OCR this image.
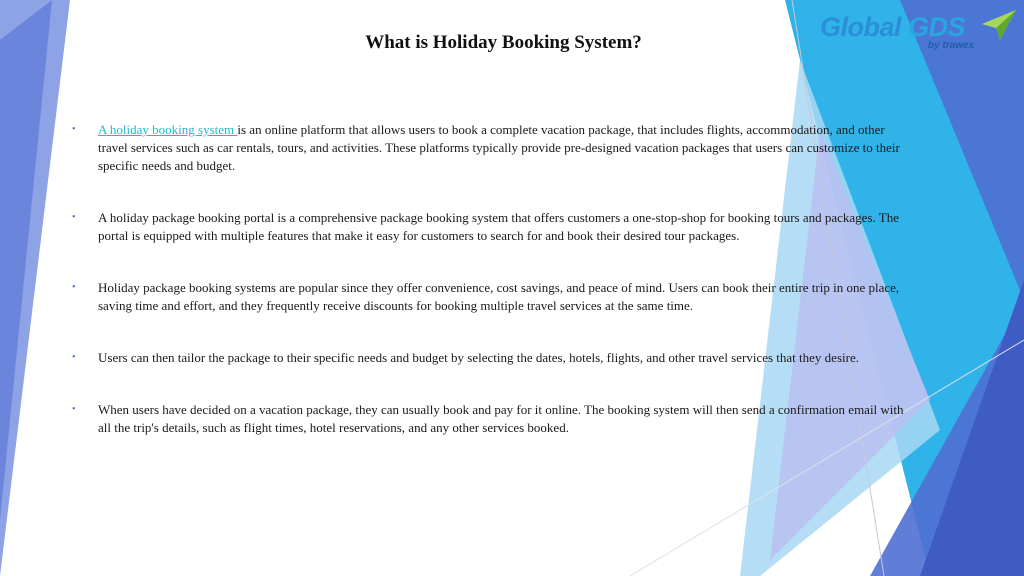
Global GDS
by trawex
What is Holiday Booking System?
• A holiday booking system is an online platform that allows users to book a complete vacation package, that includes flights, accommodation, and other travel services such as car rentals, tours, and activities. These platforms typically provide pre-designed vacation packages that users can customize to their specific needs and budget.
• A holiday package booking portal is a comprehensive package booking system that offers customers a one-stop-shop for booking tours and packages. The portal is equipped with multiple features that make it easy for customers to search for and book their desired tour packages.
• Holiday package booking systems are popular since they offer convenience, cost savings, and peace of mind. Users can book their entire trip in one place, saving time and effort, and they frequently receive discounts for booking multiple travel services at the same time.
• Users can then tailor the package to their specific needs and budget by selecting the dates, hotels, flights, and other travel services that they desire.
• When users have decided on a vacation package, they can usually book and pay for it online. The booking system will then send a confirmation email with all the trip's details, such as flight times, hotel reservations, and any other services booked.
